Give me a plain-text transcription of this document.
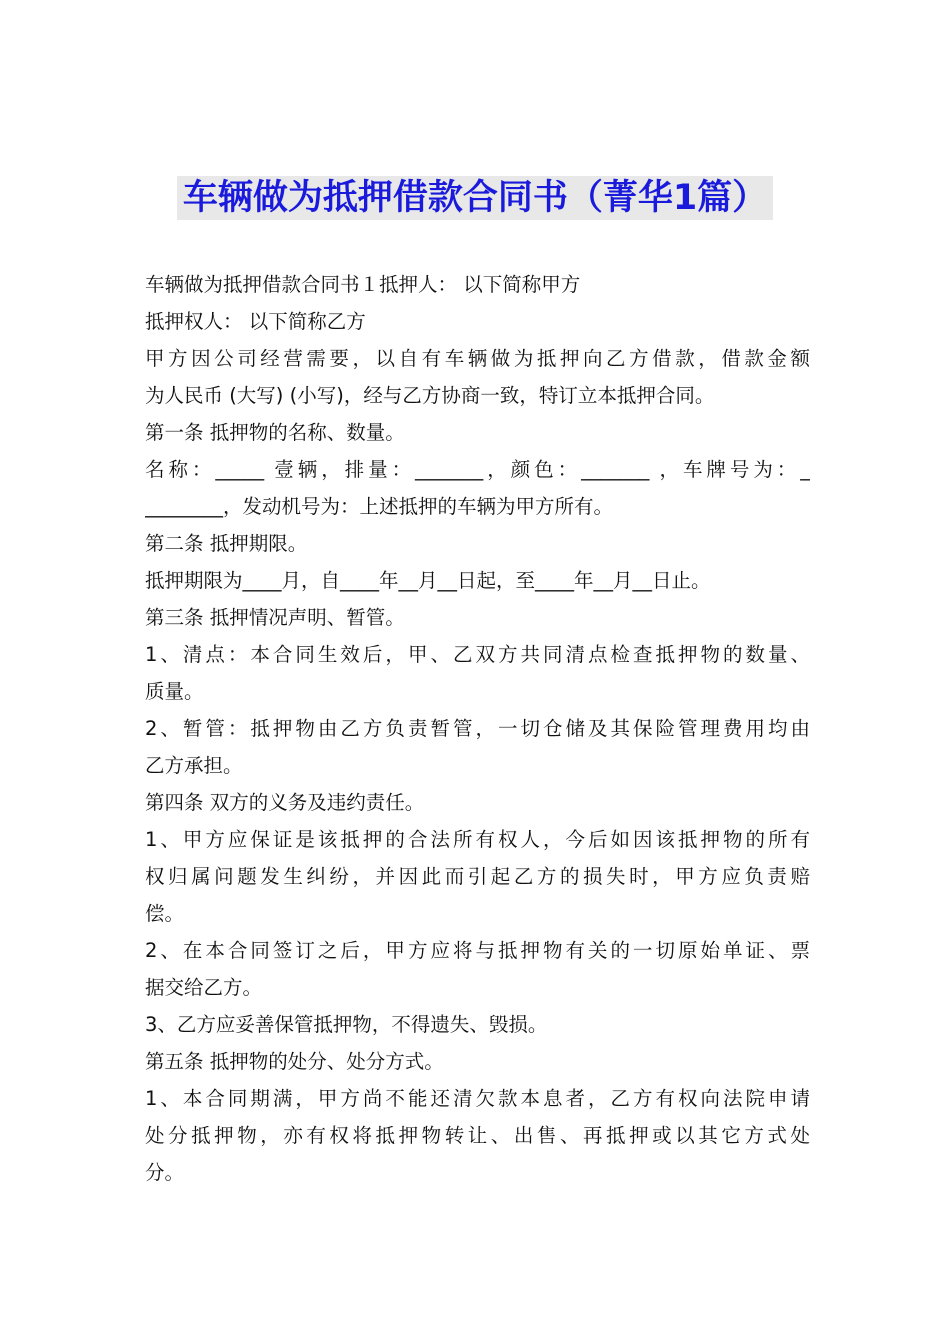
车辆做为抵押借款合同书（菁华1篇）
车辆做为抵押借款合同书１抵押人： 以下简称甲方
抵押权人： 以下简称乙方
甲方因公司经营需要，以自有车辆做为抵押向乙方借款，借款金额
为人民币 (大写) (小写)，经与乙方协商一致，特订立本抵押合同。
第一条 抵押物的名称、数量。
名称：_____ 壹辆，排量：_______，颜色：_______ ，车牌号为：_
________，发动机号为：上述抵押的车辆为甲方所有。
第二条 抵押期限。
抵押期限为____月，自____年__月__日起，至____年__月__日止。
第三条 抵押情况声明、暂管。
1、清点：本合同生效后，甲、乙双方共同清点检查抵押物的数量、
质量。
2、暂管：抵押物由乙方负责暂管，一切仓储及其保险管理费用均由
乙方承担。
第四条 双方的义务及违约责任。
1、甲方应保证是该抵押的合法所有权人，今后如因该抵押物的所有
权归属问题发生纠纷，并因此而引起乙方的损失时，甲方应负责赔
偿。
2、在本合同签订之后，甲方应将与抵押物有关的一切原始单证、票
据交给乙方。
3、乙方应妥善保管抵押物，不得遗失、毁损。
第五条 抵押物的处分、处分方式。
1、本合同期满，甲方尚不能还清欠款本息者，乙方有权向法院申请
处分抵押物，亦有权将抵押物转让、出售、再抵押或以其它方式处
分。
